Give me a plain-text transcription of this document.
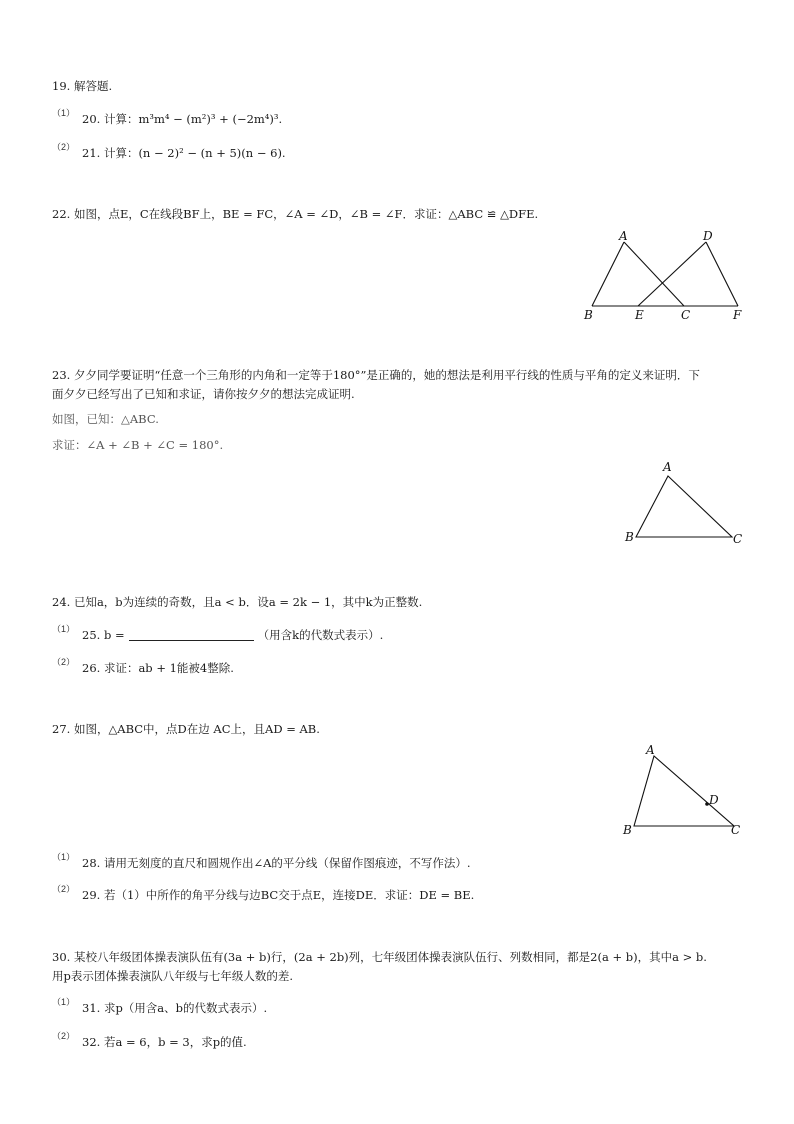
19. 解答题.
（1） 20. 计算：m³m⁴ − (m²)³ + (−2m⁴)³.
（2） 21. 计算：(n − 2)² − (n + 5)(n − 6).
22. 如图，点E，C在线段BF上，BE = FC，∠A = ∠D，∠B = ∠F．求证：△ABC ≌ △DFE.
A
B	E	C
D
F
23. 夕夕同学要证明“任意一个三角形的内角和一定等于180°”是正确的，她的想法是利用平行线的性质与平角的定义来证明．下
面夕夕已经写出了已知和求证，请你按夕夕的想法完成证明.
如图，已知：△ABC.
求证：∠A + ∠B + ∠C = 180°.
A
B	C
24. 已知a，b为连续的奇数，且a < b．设a = 2k − 1，其中k为正整数.
（1） 25. b =	（用含k的代数式表示）.
（2） 26. 求证：ab + 1能被4整除.
27. 如图，△ABC中，点D在边 AC上，且AD = AB.
A
B	C
D
（1） 28. 请用无刻度的直尺和圆规作出∠A的平分线（保留作图痕迹，不写作法）.
（2） 29. 若（1）中所作的角平分线与边BC交于点E，连接DE．求证：DE = BE.
30. 某校八年级团体操表演队伍有(3a + b)行，(2a + 2b)列，七年级团体操表演队伍行、列数相同，都是2(a + b)，其中a > b.
用p表示团体操表演队八年级与七年级人数的差.
（1） 31. 求p（用含a、b的代数式表示）.
（2） 32. 若a = 6，b = 3，求p的值.
